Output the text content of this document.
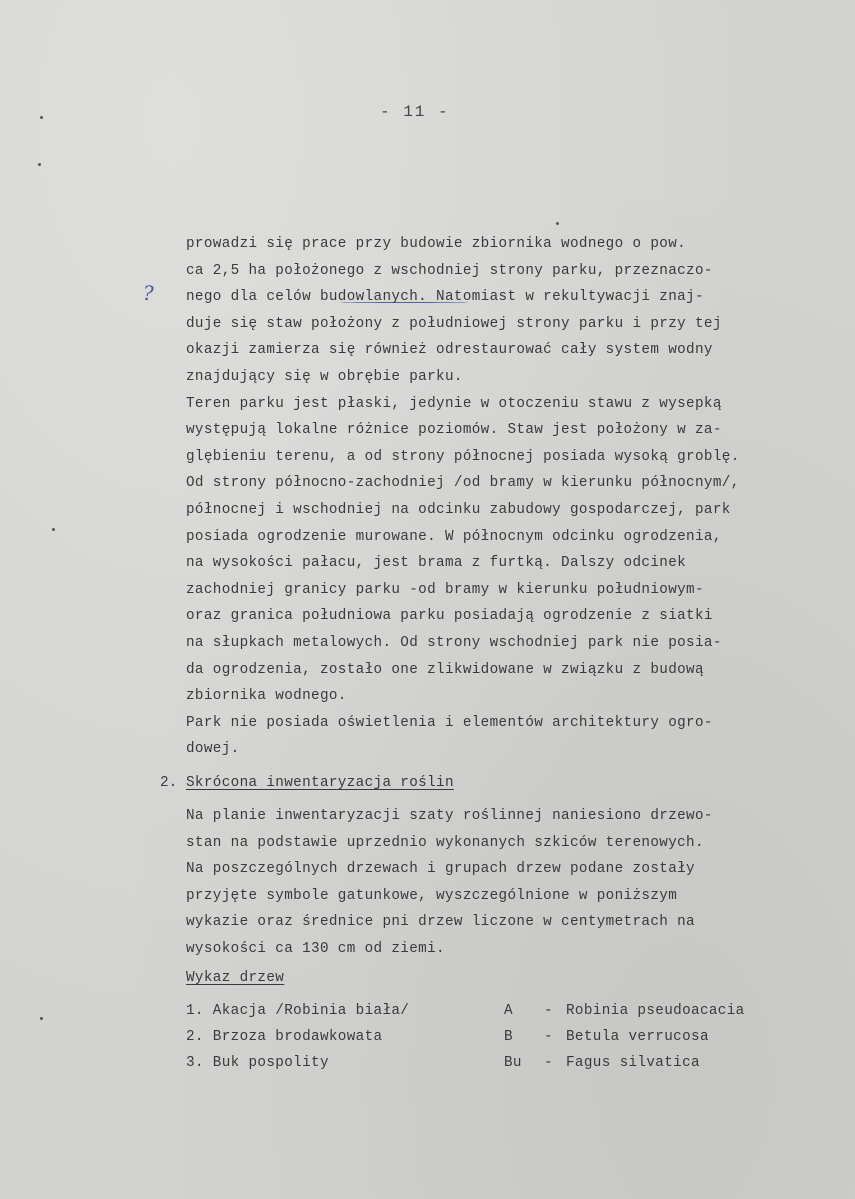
- 11 -
?
prowadzi się prace przy budowie zbiornika wodnego o pow.
ca 2,5 ha położonego z wschodniej strony parku, przeznaczo-
nego dla celów budowlanych. Natomiast w rekultywacji znaj-
duje się staw położony z południowej strony parku i przy tej
okazji zamierza się również odrestaurować cały system wodny
znajdujący się w obrębie parku.
Teren parku jest płaski, jedynie w otoczeniu stawu z wysepką
występują lokalne różnice poziomów. Staw jest położony w za-
glębieniu terenu, a od strony północnej posiada wysoką groblę.
Od strony północno-zachodniej /od bramy w kierunku północnym/,
północnej i wschodniej na odcinku zabudowy gospodarczej, park
posiada ogrodzenie murowane. W północnym odcinku ogrodzenia,
na wysokości pałacu, jest brama z furtką. Dalszy odcinek
zachodniej granicy parku -od bramy w kierunku południowym-
oraz granica południowa parku posiadają ogrodzenie z siatki
na słupkach metalowych. Od strony wschodniej park nie posia-
da ogrodzenia, zostało one zlikwidowane w związku z budową
zbiornika wodnego.
Park nie posiada oświetlenia i elementów architektury ogro-
dowej.
2. Skrócona inwentaryzacja roślin
Na planie inwentaryzacji szaty roślinnej naniesiono drzewo-
stan na podstawie uprzednio wykonanych szkiców terenowych.
Na poszczególnych drzewach i grupach drzew podane zostały
przyjęte symbole gatunkowe, wyszczególnione w poniższym
wykazie oraz średnice pni drzew liczone w centymetrach na
wysokości ca 130 cm od ziemi.
Wykaz drzew
1. Akacja /Robinia biała/	A - Robinia pseudoacacia
2. Brzoza brodawkowata	B - Betula verrucosa
3. Buk pospolity	Bu - Fagus silvatica
